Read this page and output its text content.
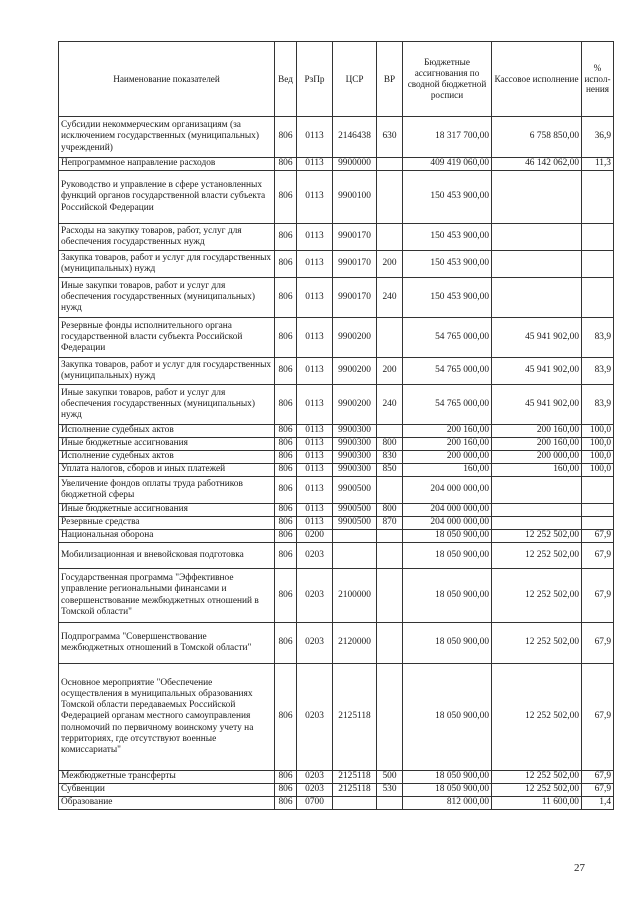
Наименование показателей	Вед	РзПр	ЦСР	ВР	Бюджетные ассигнования по сводной бюджетной росписи	Кассовое исполнение	% испол-нения
Субсидии некоммерческим организациям (за исключением государственных (муниципальных) учреждений)	806	0113	2146438	630	18 317 700,00	6 758 850,00	36,9
Непрограммное направление расходов	806	0113	9900000		409 419 060,00	46 142 062,00	11,3
Руководство и управление в сфере установленных функций органов государственной власти субъекта Российской Федерации	806	0113	9900100		150 453 900,00		
Расходы на закупку товаров, работ, услуг для обеспечения государственных нужд	806	0113	9900170		150 453 900,00		
Закупка товаров, работ и услуг для государственных (муниципальных) нужд	806	0113	9900170	200	150 453 900,00		
Иные закупки товаров, работ и услуг для обеспечения государственных (муниципальных) нужд	806	0113	9900170	240	150 453 900,00		
Резервные фонды исполнительного органа государственной власти субъекта Российской Федерации	806	0113	9900200		54 765 000,00	45 941 902,00	83,9
Закупка товаров, работ и услуг для государственных (муниципальных) нужд	806	0113	9900200	200	54 765 000,00	45 941 902,00	83,9
Иные закупки товаров, работ и услуг для обеспечения государственных (муниципальных) нужд	806	0113	9900200	240	54 765 000,00	45 941 902,00	83,9
Исполнение судебных актов	806	0113	9900300		200 160,00	200 160,00	100,0
Иные бюджетные ассигнования	806	0113	9900300	800	200 160,00	200 160,00	100,0
Исполнение судебных актов	806	0113	9900300	830	200 000,00	200 000,00	100,0
Уплата налогов, сборов и иных платежей	806	0113	9900300	850	160,00	160,00	100,0
Увеличение фондов оплаты труда работников бюджетной сферы	806	0113	9900500		204 000 000,00		
Иные бюджетные ассигнования	806	0113	9900500	800	204 000 000,00		
Резервные средства	806	0113	9900500	870	204 000 000,00		
Национальная оборона	806	0200			18 050 900,00	12 252 502,00	67,9
Мобилизационная и вневойсковая подготовка	806	0203			18 050 900,00	12 252 502,00	67,9
Государственная программа "Эффективное управление региональными финансами и совершенствование межбюджетных отношений в Томской области"	806	0203	2100000		18 050 900,00	12 252 502,00	67,9
Подпрограмма "Совершенствование межбюджетных отношений в Томской области"	806	0203	2120000		18 050 900,00	12 252 502,00	67,9
Основное мероприятие "Обеспечение осуществления в муниципальных образованиях Томской области передаваемых Российской Федерацией органам местного самоуправления полномочий по первичному воинскому учету на территориях, где отсутствуют военные комиссариаты"	806	0203	2125118		18 050 900,00	12 252 502,00	67,9
Межбюджетные трансферты	806	0203	2125118	500	18 050 900,00	12 252 502,00	67,9
Субвенции	806	0203	2125118	530	18 050 900,00	12 252 502,00	67,9
Образование	806	0700			812 000,00	11 600,00	1,4
27
